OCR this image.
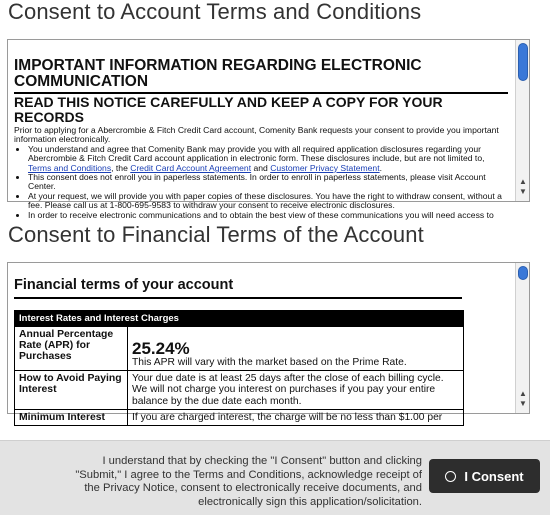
Consent to Account Terms and Conditions
IMPORTANT INFORMATION REGARDING ELECTRONIC COMMUNICATION
READ THIS NOTICE CAREFULLY AND KEEP A COPY FOR YOUR RECORDS

Prior to applying for a Abercrombie & Fitch Credit Card account, Comenity Bank requests your consent to provide you important information electronically.

• You understand and agree that Comenity Bank may provide you with all required application disclosures regarding your Abercrombie & Fitch Credit Card account application in electronic form. These disclosures include, but are not limited to, Terms and Conditions, the Credit Card Account Agreement and Customer Privacy Statement.
• This consent does not enroll you in paperless statements. In order to enroll in paperless statements, please visit Account Center.
• At your request, we will provide you with paper copies of these disclosures. You have the right to withdraw consent, without a fee. Please call us at 1-800-695-9583 to withdraw your consent to receive electronic disclosures.
• In order to receive electronic communications and to obtain the best view of these communications you will need access to
▲
▼
Consent to Financial Terms of the Account
Financial terms of your account
Interest Rates and Interest Charges	
Annual Percentage Rate (APR) for Purchases	25.24%
This APR will vary with the market based on the Prime Rate.
How to Avoid Paying Interest	Your due date is at least 25 days after the close of each billing cycle. We will not charge you interest on purchases if you pay your entire balance by the due date each month.
Minimum Interest	If you are charged interest, the charge will be no less than $1.00 per
▲
▼
I understand that by checking the "I Consent" button and clicking "Submit," I agree to the Terms and Conditions, acknowledge receipt of the Privacy Notice, consent to electronically receive documents, and electronically sign this application/solicitation.
I Consent
